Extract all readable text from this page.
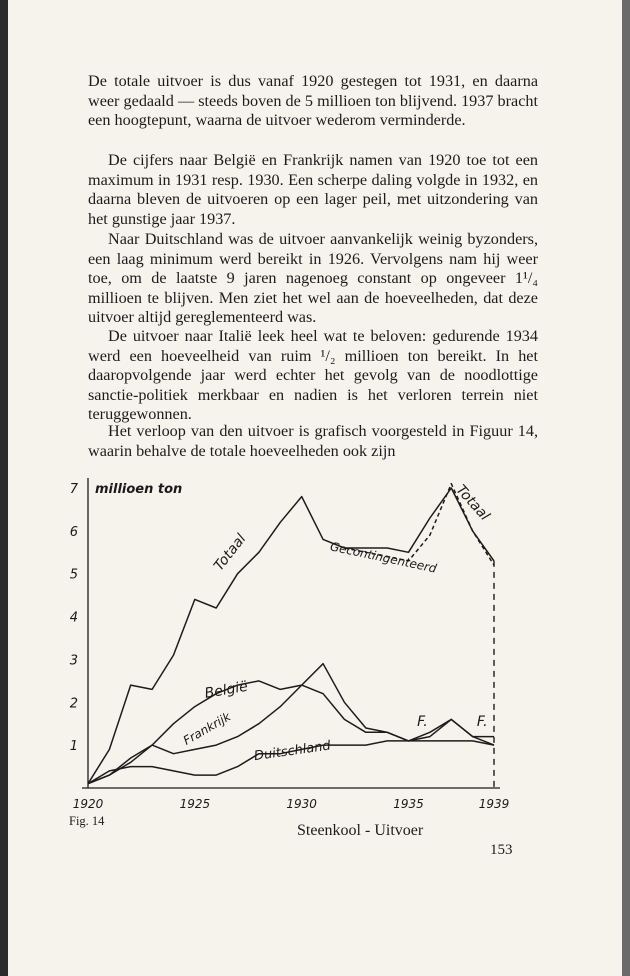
De totale uitvoer is dus vanaf 1920 gestegen tot 1931, en daarna weer gedaald — steeds boven de 5 millioen ton blijvend. 1937 bracht een hoogtepunt, waarna de uitvoer wederom verminderde.

De cijfers naar België en Frankrijk namen van 1920 toe tot een maximum in 1931 resp. 1930. Een scherpe daling volgde in 1932, en daarna bleven de uitvoeren op een lager peil, met uitzondering van het gunstige jaar 1937.

Naar Duitschland was de uitvoer aanvankelijk weinig byzonders, een laag minimum werd bereikt in 1926. Vervolgens nam hij weer toe, om de laatste 9 jaren nagenoeg constant op ongeveer 1¹/₄ millioen te blijven. Men ziet het wel aan de hoeveelheden, dat deze uitvoer altijd gereglementeerd was.

De uitvoer naar Italië leek heel wat te beloven: gedurende 1934 werd een hoeveelheid van ruim ¹/₂ millioen ton bereikt. In het daaropvolgende jaar werd echter het gevolg van de noodlottige sanctie-politiek merkbaar en nadien is het verloren terrein niet teruggewonnen.

Het verloop van den uitvoer is grafisch voorgesteld in Figuur 14, waarin behalve de totale hoeveelheden ook zijn

1
2
3
4
5
6
7 millioen ton
1920	1925	1930	1935	1939
Totaal	Gecontingenteerd
Totaal
België
Frankrijk
Duitschland
F.	F.
Fig. 14
Steenkool - Uitvoer
153
